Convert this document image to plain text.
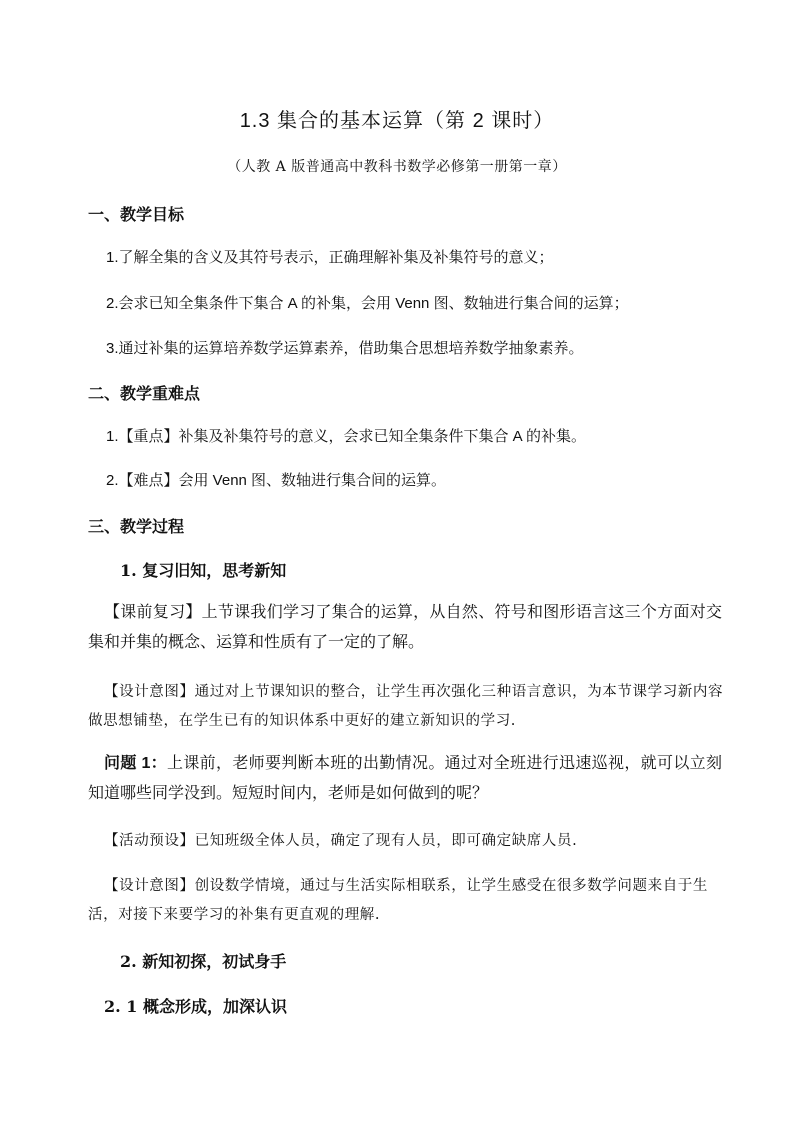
1.3 集合的基本运算（第 2 课时）
（人教 A 版普通高中教科书数学必修第一册第一章）
一、教学目标
1.了解全集的含义及其符号表示，正确理解补集及补集符号的意义；
2.会求已知全集条件下集合 A 的补集，会用 Venn 图、数轴进行集合间的运算；
3.通过补集的运算培养数学运算素养，借助集合思想培养数学抽象素养。
二、教学重难点
1.【重点】补集及补集符号的意义，会求已知全集条件下集合 A 的补集。
2.【难点】会用 Venn 图、数轴进行集合间的运算。
三、教学过程
1. 复习旧知，思考新知
【课前复习】上节课我们学习了集合的运算，从自然、符号和图形语言这三个方面对交集和并集的概念、运算和性质有了一定的了解。
【设计意图】通过对上节课知识的整合，让学生再次强化三种语言意识，为本节课学习新内容做思想铺垫，在学生已有的知识体系中更好的建立新知识的学习.
问题 1：上课前，老师要判断本班的出勤情况。通过对全班进行迅速巡视，就可以立刻知道哪些同学没到。短短时间内，老师是如何做到的呢？
【活动预设】已知班级全体人员，确定了现有人员，即可确定缺席人员.
【设计意图】创设数学情境，通过与生活实际相联系，让学生感受在很多数学问题来自于生活，对接下来要学习的补集有更直观的理解.
2. 新知初探，初试身手
2. 1 概念形成，加深认识
